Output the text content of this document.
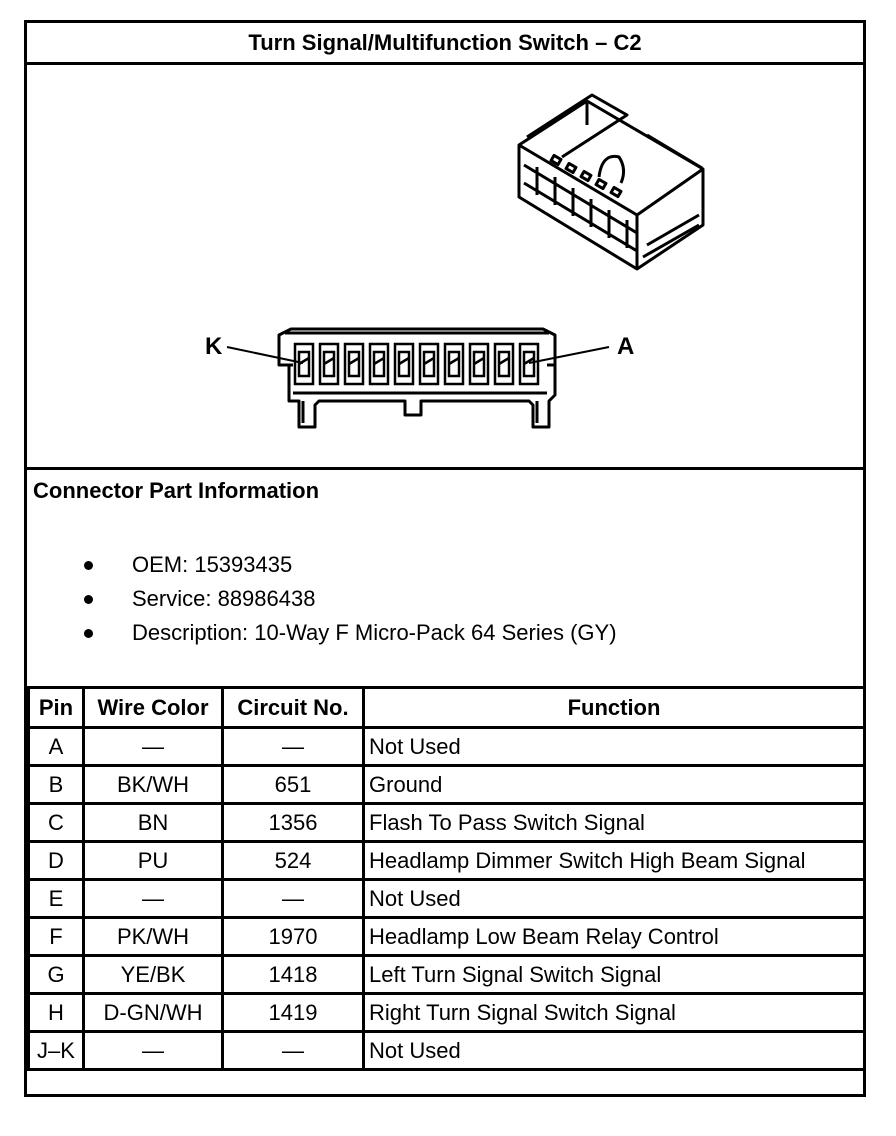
Turn Signal/Multifunction Switch – C2
K	A
Connector Part Information
OEM: 15393435
Service: 88986438
Description: 10-Way F Micro-Pack 64 Series (GY)
Pin	Wire Color	Circuit No.	Function
A	—	—	Not Used
B	BK/WH	651	Ground
C	BN	1356	Flash To Pass Switch Signal
D	PU	524	Headlamp Dimmer Switch High Beam Signal
E	—	—	Not Used
F	PK/WH	1970	Headlamp Low Beam Relay Control
G	YE/BK	1418	Left Turn Signal Switch Signal
H	D-GN/WH	1419	Right Turn Signal Switch Signal
J–K	—	—	Not Used
